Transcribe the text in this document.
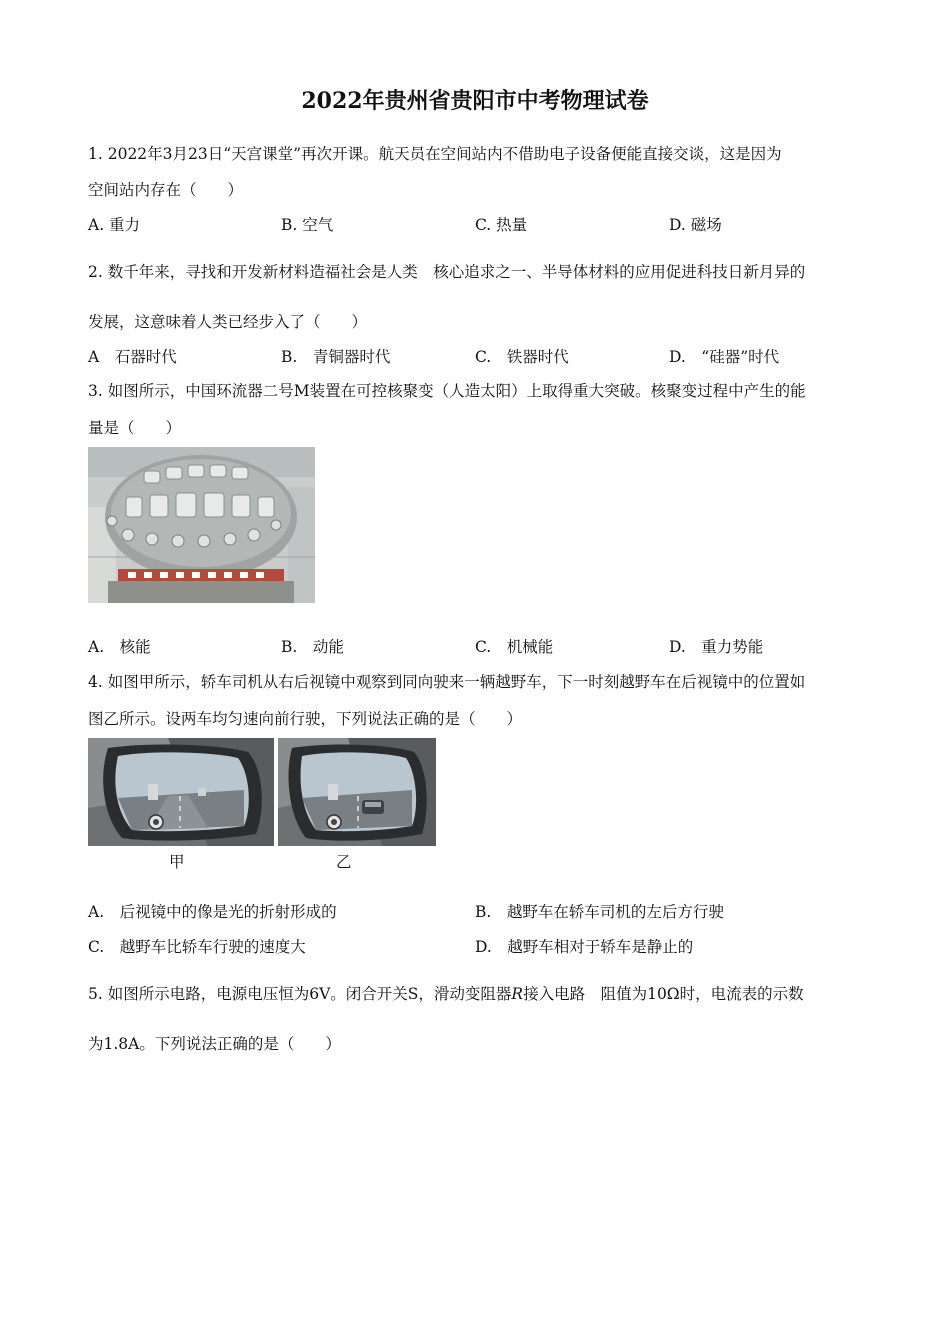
2022年贵州省贵阳市中考物理试卷
1. 2022年3月23日“天宫课堂”再次开课。航天员在空间站内不借助电子设备便能直接交谈，这是因为
空间站内存在（　　）
A. 重力	B. 空气	C. 热量	D. 磁场
2. 数千年来，寻找和开发新材料造福社会是人类　核心追求之一、半导体材料的应用促进科技日新月异的
发展，这意味着人类已经步入了（　　）
A　石器时代	B.　青铜器时代	C.　铁器时代	D.　“硅器”时代
3. 如图所示，中国环流器二号M装置在可控核聚变（人造太阳）上取得重大突破。核聚变过程中产生的能
量是（　　）
A.　核能	B.　动能	C.　机械能	D.　重力势能
4. 如图甲所示，轿车司机从右后视镜中观察到同向驶来一辆越野车，下一时刻越野车在后视镜中的位置如
图乙所示。设两车均匀速向前行驶，下列说法正确的是（　　）
甲	乙
A.　后视镜中的像是光的折射形成的	B.　越野车在轿车司机的左后方行驶
C.　越野车比轿车行驶的速度大	D.　越野车相对于轿车是静止的
5. 如图所示电路，电源电压恒为6V。闭合开关S，滑动变阻器R接入电路　阻值为10Ω时，电流表的示数
为1.8A。下列说法正确的是（　　）
